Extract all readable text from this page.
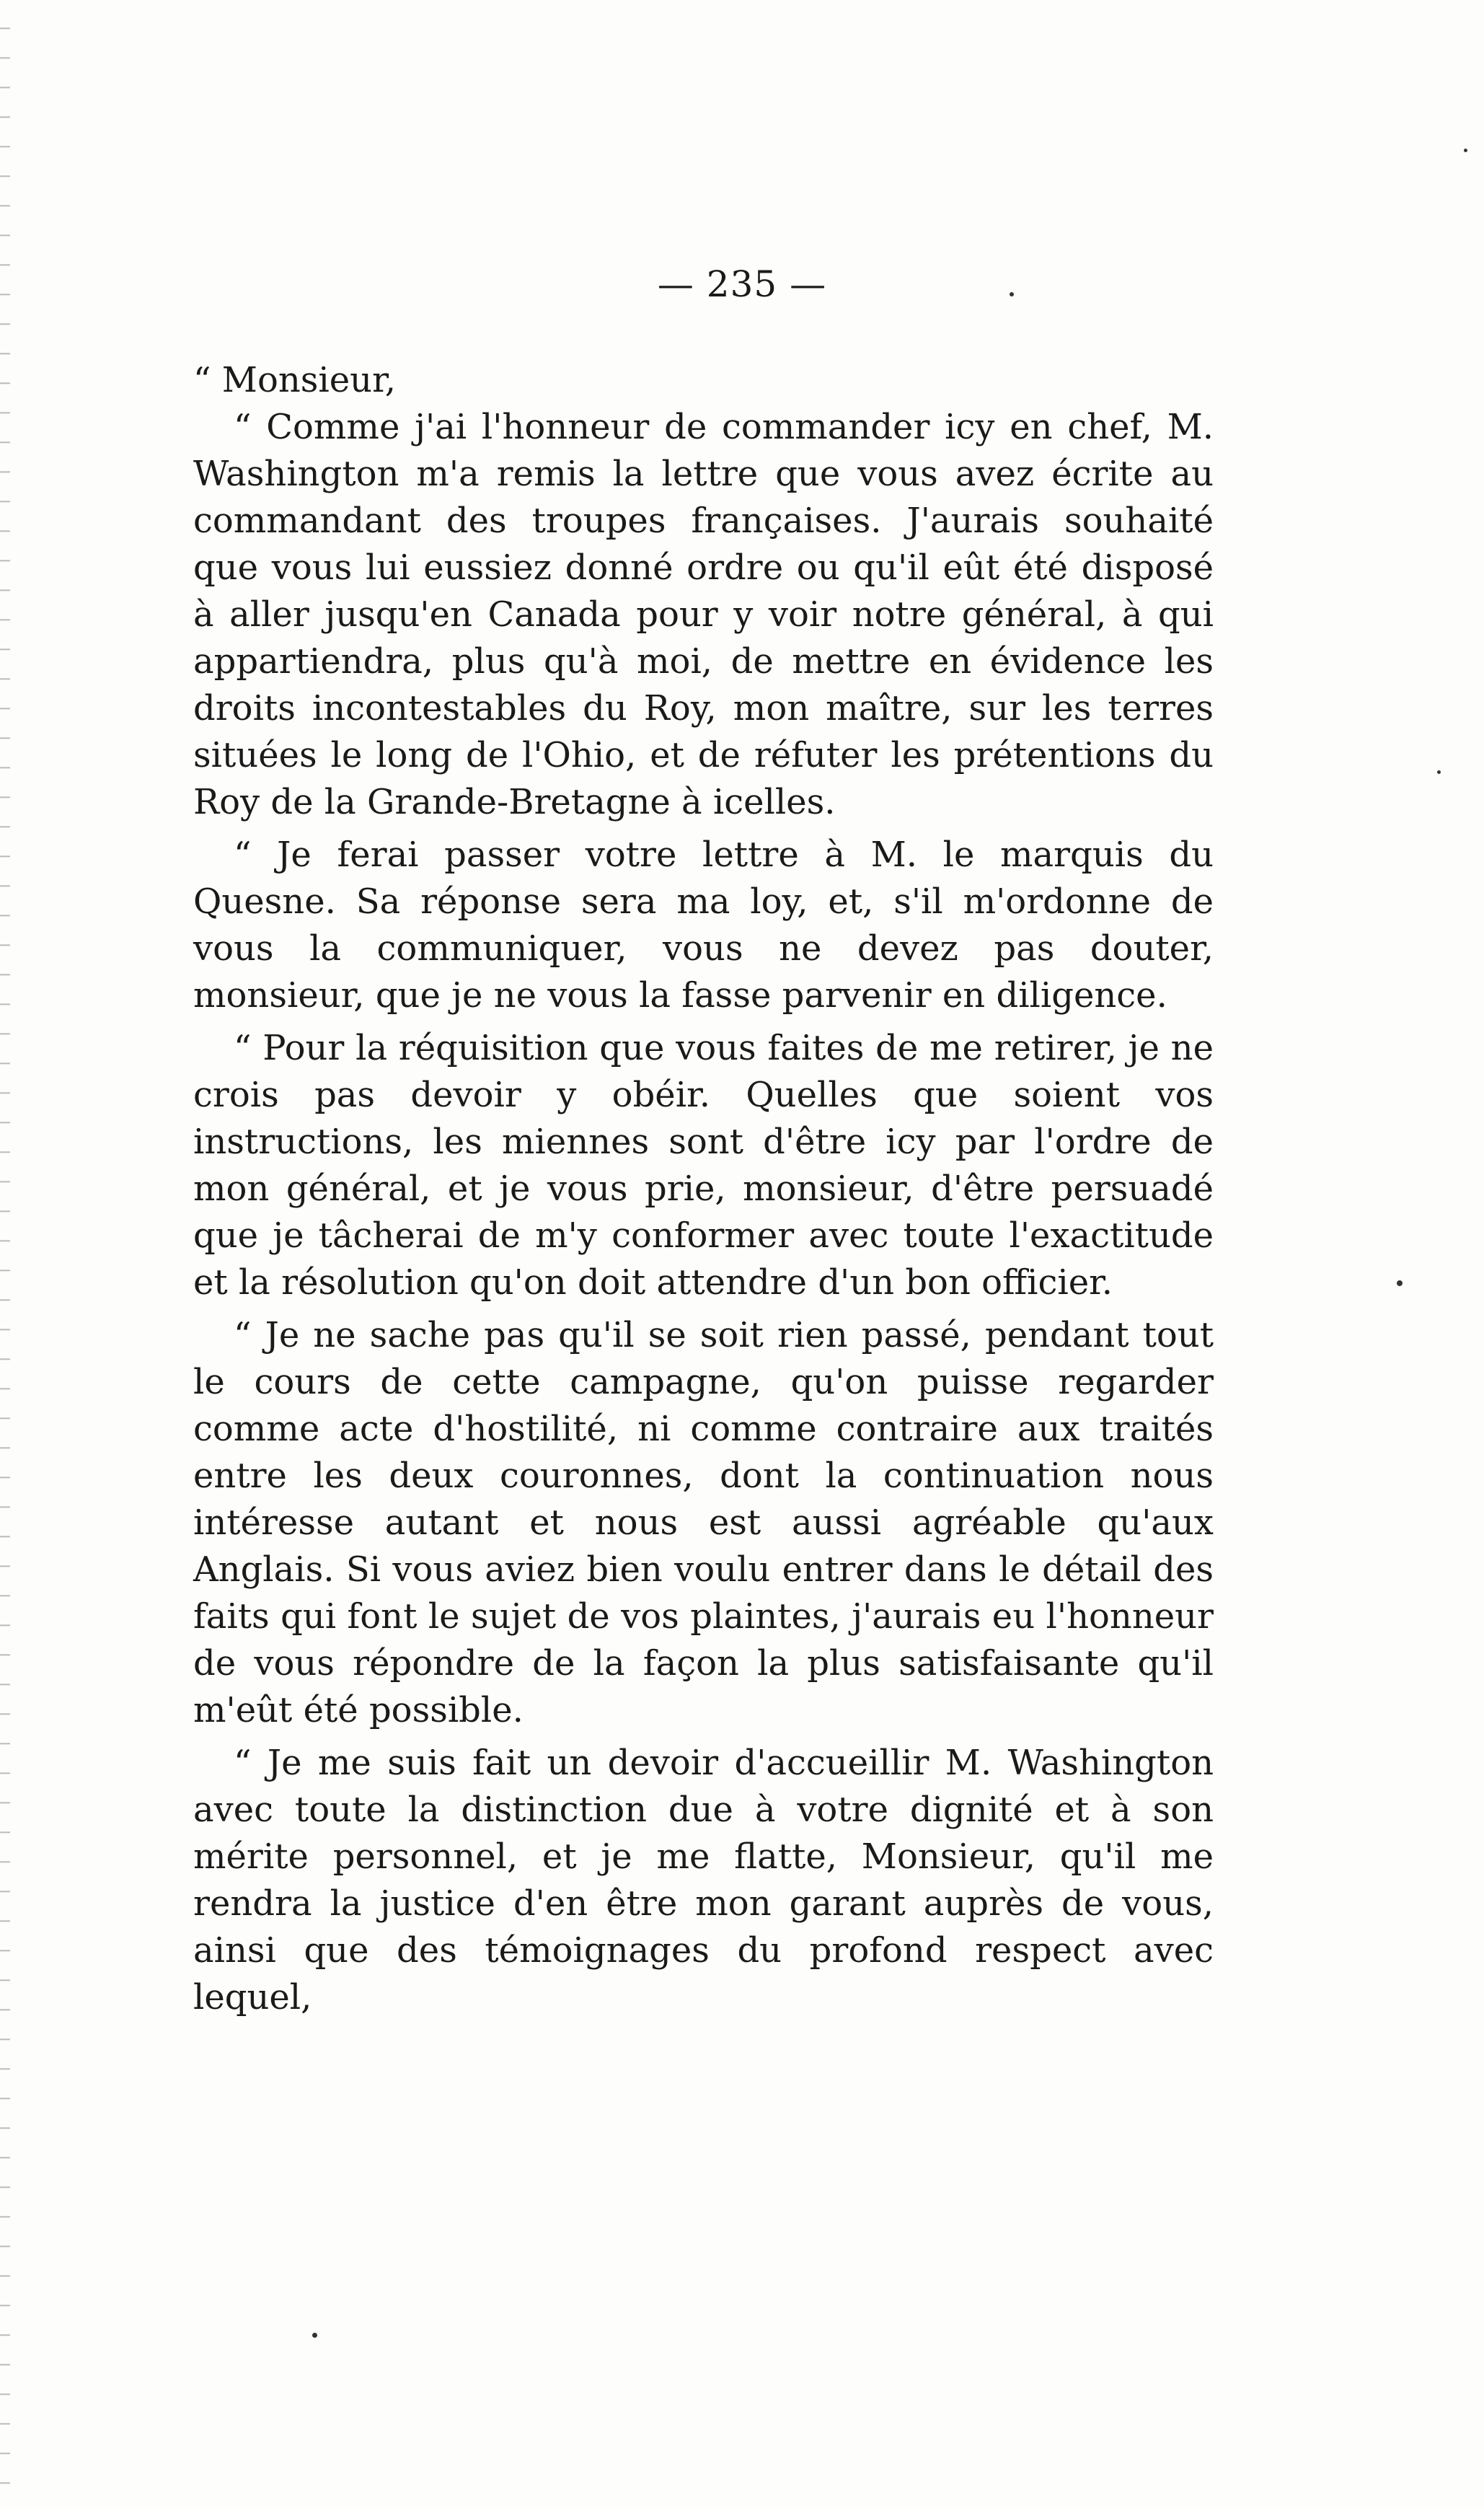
— 235 —

“ Monsieur,

“ Comme j'ai l'honneur de commander icy en chef, M. Washington m'a remis la lettre que vous avez écrite au commandant des troupes françaises. J'aurais souhaité que vous lui eussiez donné ordre ou qu'il eût été disposé à aller jusqu'en Canada pour y voir notre général, à qui appartiendra, plus qu'à moi, de mettre en évidence les droits incontestables du Roy, mon maître, sur les terres situées le long de l'Ohio, et de réfuter les prétentions du Roy de la Grande-Bretagne à icelles.

“ Je ferai passer votre lettre à M. le marquis du Quesne. Sa réponse sera ma loy, et, s'il m'ordonne de vous la communiquer, vous ne devez pas douter, monsieur, que je ne vous la fasse parvenir en diligence.

“ Pour la réquisition que vous faites de me retirer, je ne crois pas devoir y obéir. Quelles que soient vos instructions, les miennes sont d'être icy par l'ordre de mon général, et je vous prie, monsieur, d'être persuadé que je tâcherai de m'y conformer avec toute l'exactitude et la résolution qu'on doit attendre d'un bon officier.

“ Je ne sache pas qu'il se soit rien passé, pendant tout le cours de cette campagne, qu'on puisse regarder comme acte d'hostilité, ni comme contraire aux traités entre les deux couronnes, dont la continuation nous intéresse autant et nous est aussi agréable qu'aux Anglais. Si vous aviez bien voulu entrer dans le détail des faits qui font le sujet de vos plaintes, j'aurais eu l'honneur de vous répondre de la façon la plus satisfaisante qu'il m'eût été possible.

“ Je me suis fait un devoir d'accueillir M. Washington avec toute la distinction due à votre dignité et à son mérite personnel, et je me flatte, Monsieur, qu'il me rendra la justice d'en être mon garant auprès de vous, ainsi que des témoignages du profond respect avec lequel,
